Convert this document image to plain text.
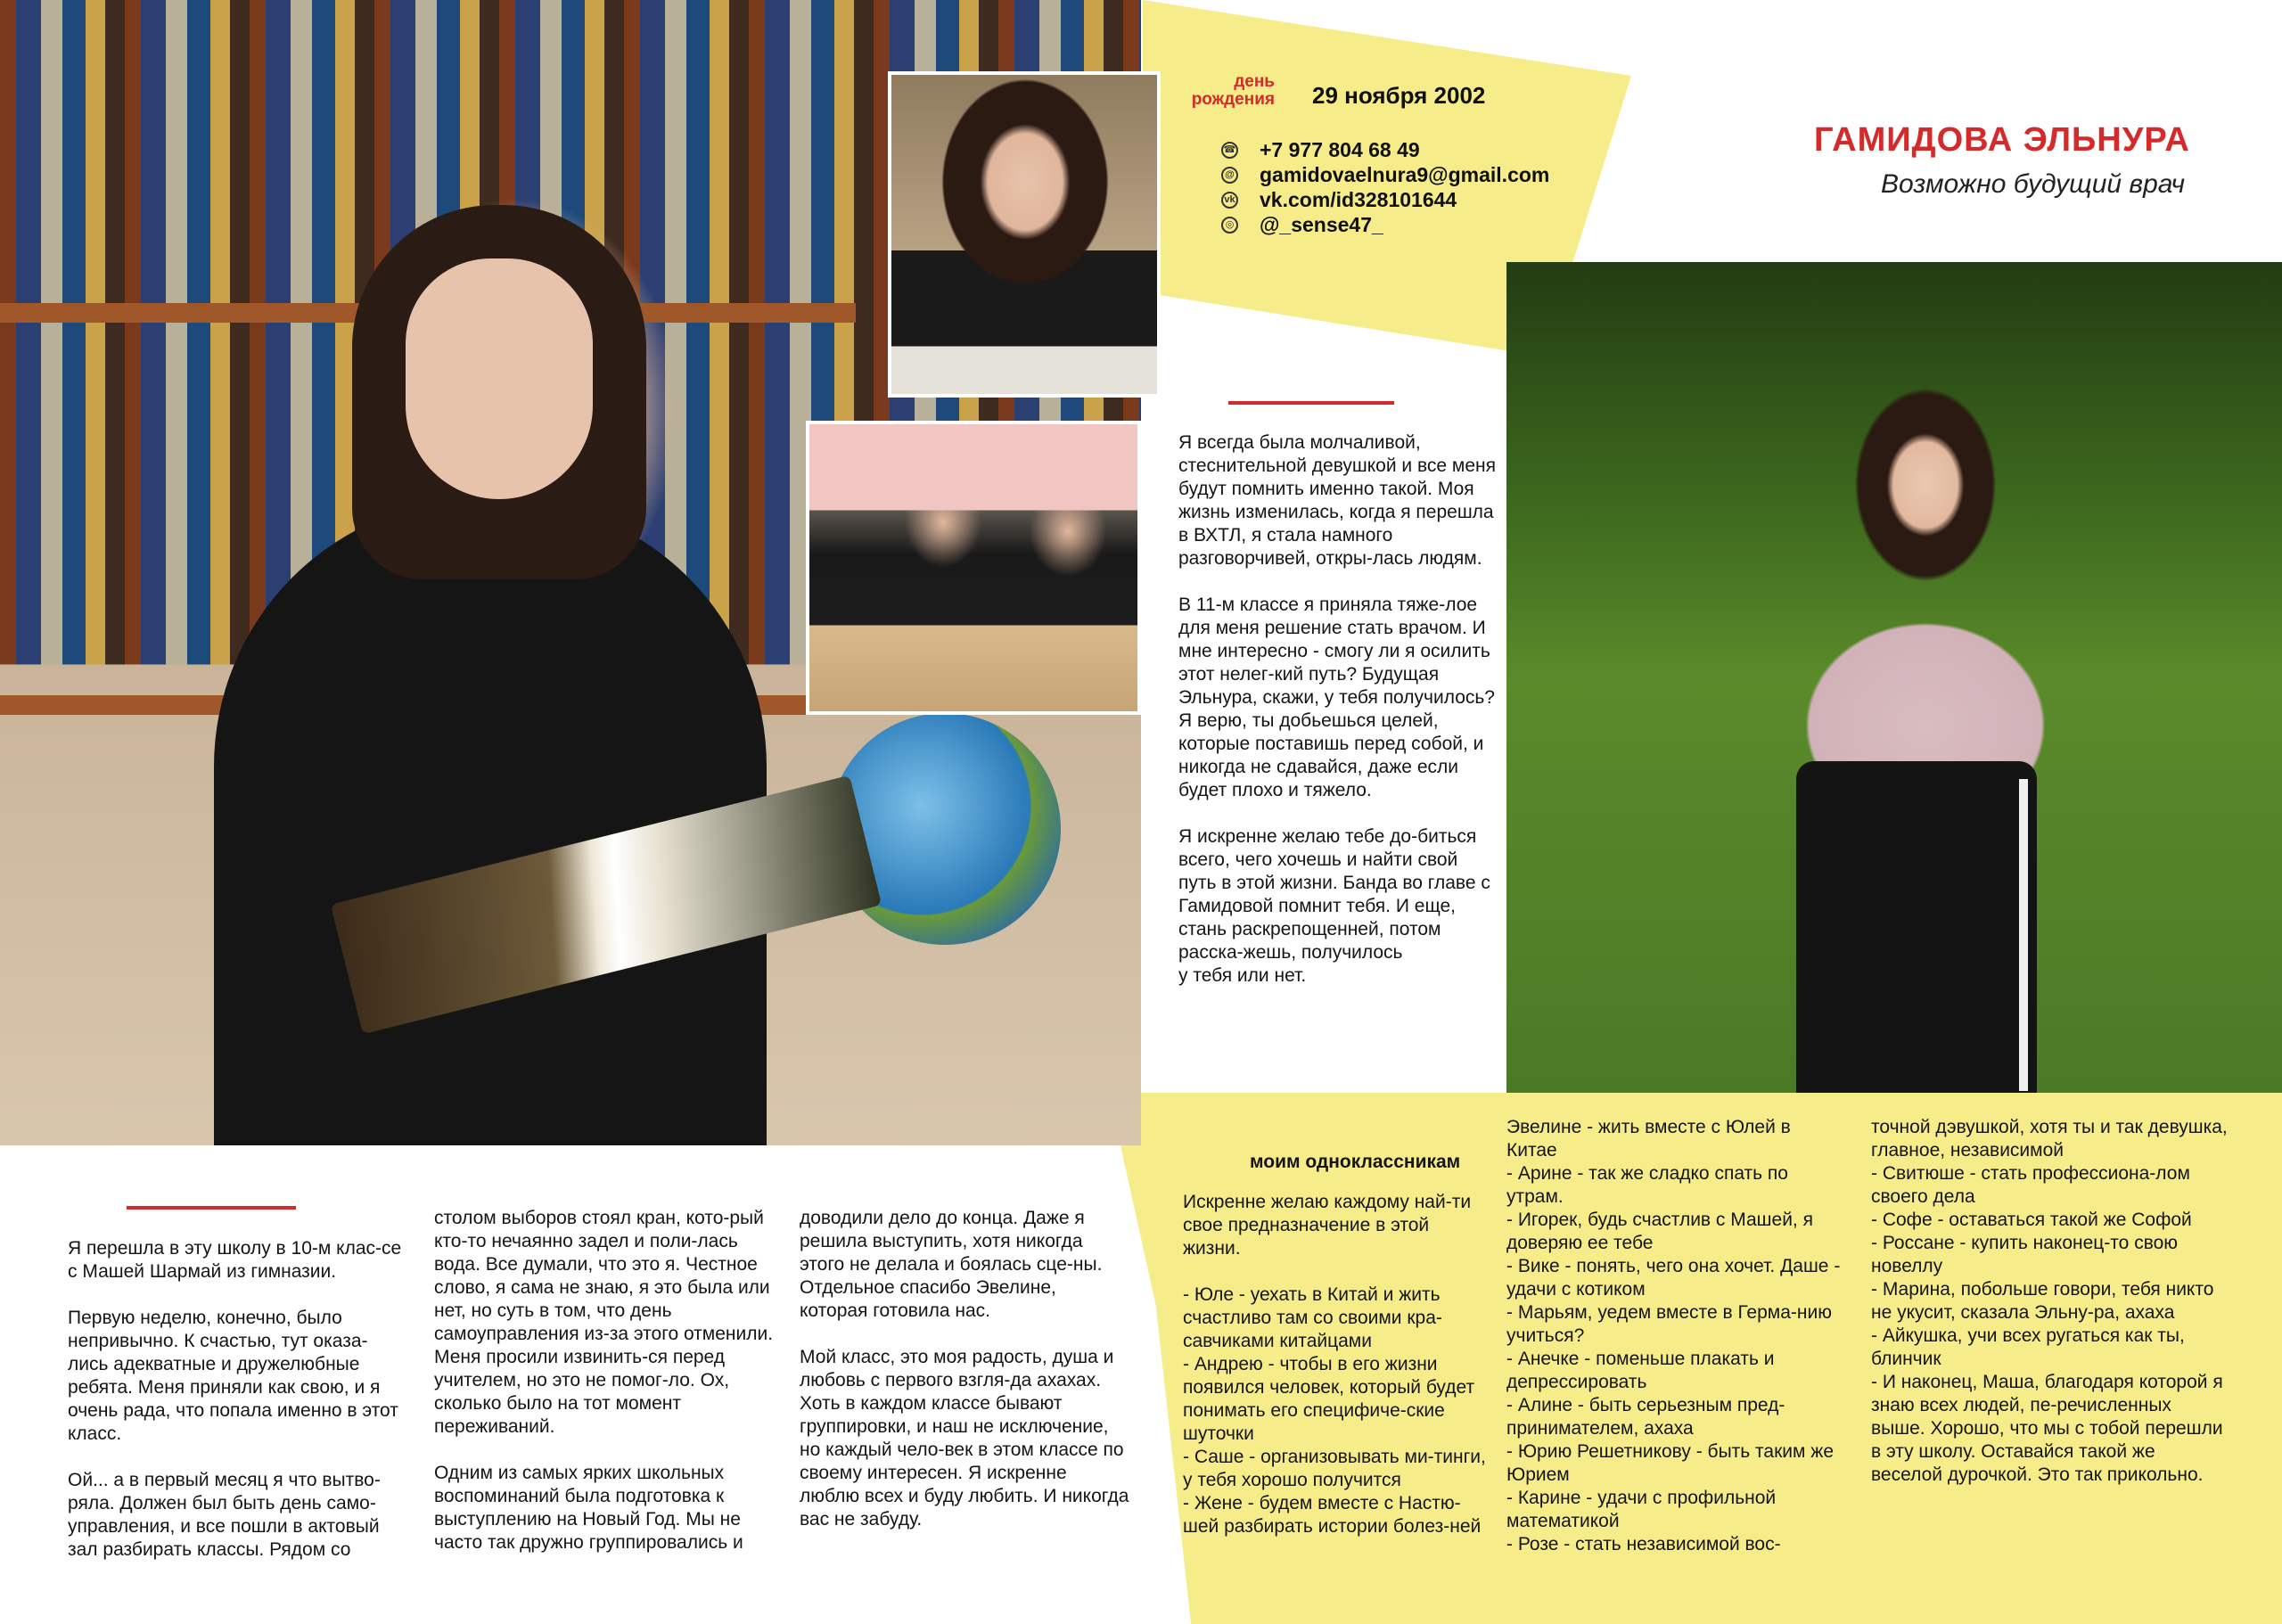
день рождения 29 ноября 2002
☎ +7 977 804 68 49
@ gamidovaelnura9@gmail.com
vk vk.com/id328101644
◎ @_sense47_
ГАМИДОВА ЭЛЬНУРА
Возможно будущий врач

Я всегда была молчаливой, стеснительной девушкой и все меня будут помнить именно такой. Моя жизнь изменилась, когда я перешла в ВХТЛ, я стала намного разговорчивей, откры-лась людям.

В 11-м классе я приняла тяже-лое для меня решение стать врачом. И мне интересно - смогу ли я осилить этот нелег-кий путь? Будущая Эльнура, скажи, у тебя получилось?
Я верю, ты добьешься целей, которые поставишь перед собой, и никогда не сдавайся, даже если будет плохо и тяжело.

Я искренне желаю тебе до-биться всего, чего хочешь и найти свой путь в этой жизни. Банда во главе с Гамидовой помнит тебя. И еще, стань раскрепощенней, потом расска-жешь, получилось
у тебя или нет.

Я перешла в эту школу в 10-м клас-се с Машей Шармай из гимназии.

Первую неделю, конечно, было непривычно. К счастью, тут оказа-лись адекватные и дружелюбные ребята. Меня приняли как свою, и я очень рада, что попала именно в этот класс.

Ой... а в первый месяц я что вытво-ряла. Должен был быть день само-управления, и все пошли в актовый зал разбирать классы. Рядом со

столом выборов стоял кран, кото-рый кто-то нечаянно задел и поли-лась вода. Все думали, что это я. Честное слово, я сама не знаю, я это была или нет, но суть в том, что день самоуправления из-за этого отменили. Меня просили извинить-ся перед учителем, но это не помог-ло. Ох, сколько было на тот момент переживаний.

Одним из самых ярких школьных воспоминаний была подготовка к выступлению на Новый Год. Мы не часто так дружно группировались и

доводили дело до конца. Даже я решила выступить, хотя никогда этого не делала и боялась сце-ны. Отдельное спасибо Эвелине, которая готовила нас.

Мой класс, это моя радость, душа и любовь с первого взгля-да ахахах. Хоть в каждом классе бывают группировки, и наш не исключение, но каждый чело-век в этом классе по своему интересен. Я искренне люблю всех и буду любить. И никогда вас не забуду.

моим одноклассникам

Искренне желаю каждому най-ти свое предназначение в этой жизни.

- Юле - уехать в Китай и жить счастливо там со своими кра-савчиками китайцами
- Андрею - чтобы в его жизни появился человек, который будет понимать его специфиче-ские шуточки
- Саше - организовывать ми-тинги, у тебя хорошо получится
- Жене - будем вместе с Настю-шей разбирать истории болез-ней

Эвелине - жить вместе с Юлей в Китае
- Арине - так же сладко спать по утрам.
- Игорек, будь счастлив с Машей, я доверяю ее тебе
- Вике - понять, чего она хочет. Даше - удачи с котиком
- Марьям, уедем вместе в Герма-нию учиться?
- Анечке - поменьше плакать и депрессировать
- Алине - быть серьезным пред-принимателем, ахаха
- Юрию Решетникову - быть таким же Юрием
- Карине - удачи с профильной математикой
- Розе - стать независимой вос-

точной дэвушкой, хотя ты и так девушка, главное, независимой
- Свитюше - стать профессиона-лом своего дела
- Софе - оставаться такой же Софой
- Россане - купить наконец-то свою новеллу
- Марина, побольше говори, тебя никто не укусит, сказала Эльну-ра, ахаха
- Айкушка, учи всех ругаться как ты, блинчик
- И наконец, Маша, благодаря которой я знаю всех людей, пе-речисленных выше. Хорошо, что мы с тобой перешли в эту школу. Оставайся такой же веселой дурочкой. Это так прикольно.
